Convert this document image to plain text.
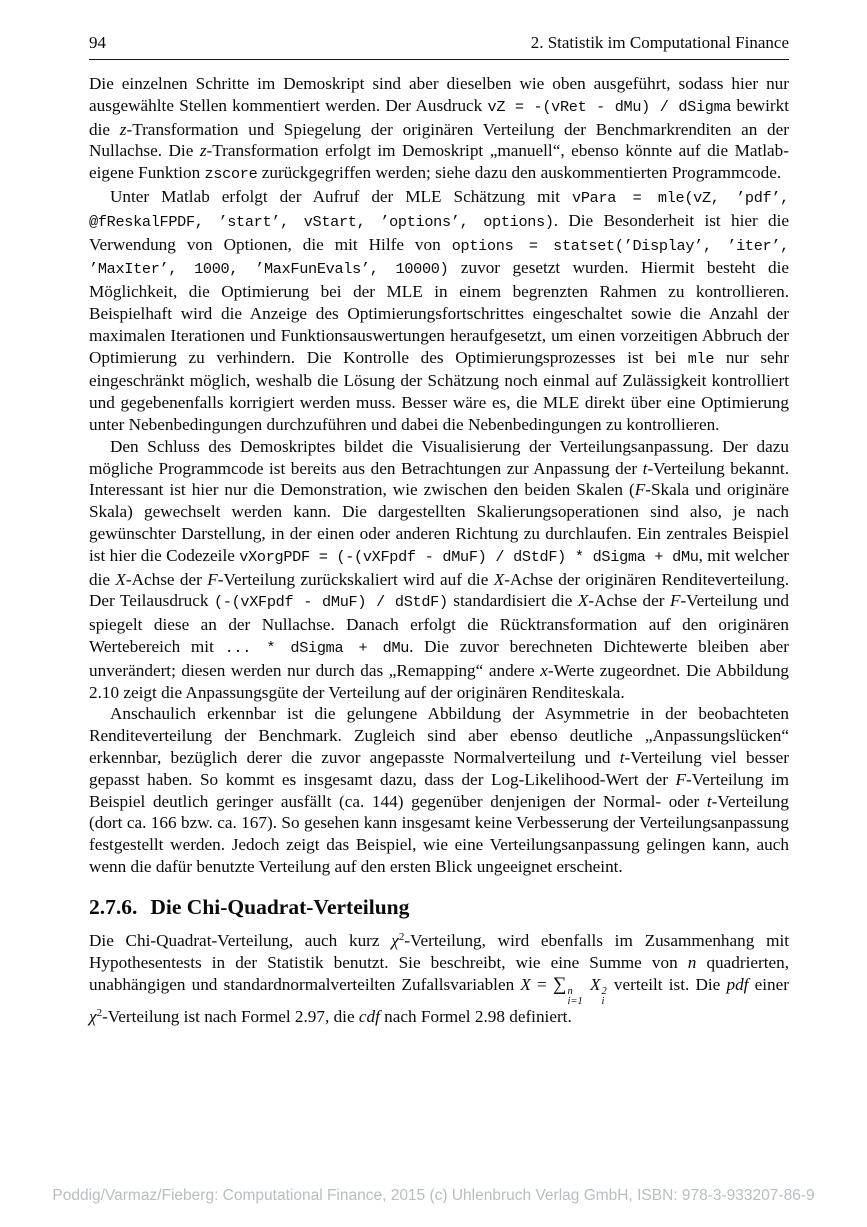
94	2. Statistik im Computational Finance

Die einzelnen Schritte im Demoskript sind aber dieselben wie oben ausgeführt, sodass hier nur ausgewählte Stellen kommentiert werden. Der Ausdruck vZ = -(vRet - dMu) / dSigma bewirkt die z-Transformation und Spiegelung der originären Verteilung der Benchmarkrenditen an der Nullachse. Die z-Transformation erfolgt im Demoskript „manuell“, ebenso könnte auf die Matlab-eigene Funktion zscore zurückgegriffen werden; siehe dazu den auskommentierten Programmcode.

Unter Matlab erfolgt der Aufruf der MLE Schätzung mit vPara = mle(vZ, ’pdf’, @fReskalFPDF, ’start’, vStart, ’options’, options). Die Besonderheit ist hier die Verwendung von Optionen, die mit Hilfe von options = statset(’Display’, ’iter’, ’MaxIter’, 1000, ’MaxFunEvals’, 10000) zuvor gesetzt wurden. Hiermit besteht die Möglichkeit, die Optimierung bei der MLE in einem begrenzten Rahmen zu kontrollieren. Beispielhaft wird die Anzeige des Optimierungsfortschrittes eingeschaltet sowie die Anzahl der maximalen Iterationen und Funktionsauswertungen heraufgesetzt, um einen vorzeitigen Abbruch der Optimierung zu verhindern. Die Kontrolle des Optimierungsprozesses ist bei mle nur sehr eingeschränkt möglich, weshalb die Lösung der Schätzung noch einmal auf Zulässigkeit kontrolliert und gegebenenfalls korrigiert werden muss. Besser wäre es, die MLE direkt über eine Optimierung unter Nebenbedingungen durchzuführen und dabei die Nebenbedingungen zu kontrollieren.

Den Schluss des Demoskriptes bildet die Visualisierung der Verteilungsanpassung. Der dazu mögliche Programmcode ist bereits aus den Betrachtungen zur Anpassung der t-Verteilung bekannt. Interessant ist hier nur die Demonstration, wie zwischen den beiden Skalen (F-Skala und originäre Skala) gewechselt werden kann. Die dargestellten Skalierungsoperationen sind also, je nach gewünschter Darstellung, in der einen oder anderen Richtung zu durchlaufen. Ein zentrales Beispiel ist hier die Codezeile vXorgPDF = (-(vXFpdf - dMuF) / dStdF) * dSigma + dMu, mit welcher die X-Achse der F-Verteilung zurückskaliert wird auf die X-Achse der originären Renditeverteilung. Der Teilausdruck (-(vXFpdf - dMuF) / dStdF) standardisiert die X-Achse der F-Verteilung und spiegelt diese an der Nullachse. Danach erfolgt die Rücktransformation auf den originären Wertebereich mit ... * dSigma + dMu. Die zuvor berechneten Dichtewerte bleiben aber unverändert; diesen werden nur durch das „Remapping“ andere x-Werte zugeordnet. Die Abbildung 2.10 zeigt die Anpassungsgüte der Verteilung auf der originären Renditeskala.

Anschaulich erkennbar ist die gelungene Abbildung der Asymmetrie in der beobachteten Renditeverteilung der Benchmark. Zugleich sind aber ebenso deutliche „Anpassungslücken“ erkennbar, bezüglich derer die zuvor angepasste Normalverteilung und t-Verteilung viel besser gepasst haben. So kommt es insgesamt dazu, dass der Log-Likelihood-Wert der F-Verteilung im Beispiel deutlich geringer ausfällt (ca. 144) gegenüber denjenigen der Normal- oder t-Verteilung (dort ca. 166 bzw. ca. 167). So gesehen kann insgesamt keine Verbesserung der Verteilungsanpassung festgestellt werden. Jedoch zeigt das Beispiel, wie eine Verteilungsanpassung gelingen kann, auch wenn die dafür benutzte Verteilung auf den ersten Blick ungeeignet erscheint.

2.7.6. Die Chi-Quadrat-Verteilung

Die Chi-Quadrat-Verteilung, auch kurz $\chi^2$-Verteilung, wird ebenfalls im Zusammenhang mit Hypothesentests in der Statistik benutzt. Sie beschreibt, wie eine Summe von n quadrierten, unabhängigen und standardnormalverteilten Zufallsvariablen X = ∑ n
i=1
X 2
i
verteilt ist. Die pdf einer $\chi^2$-Verteilung ist nach Formel 2.97, die cdf nach Formel 2.98 definiert.

Poddig/Varmaz/Fieberg: Computational Finance, 2015 (c) Uhlenbruch Verlag GmbH, ISBN: 978-3-933207-86-9
